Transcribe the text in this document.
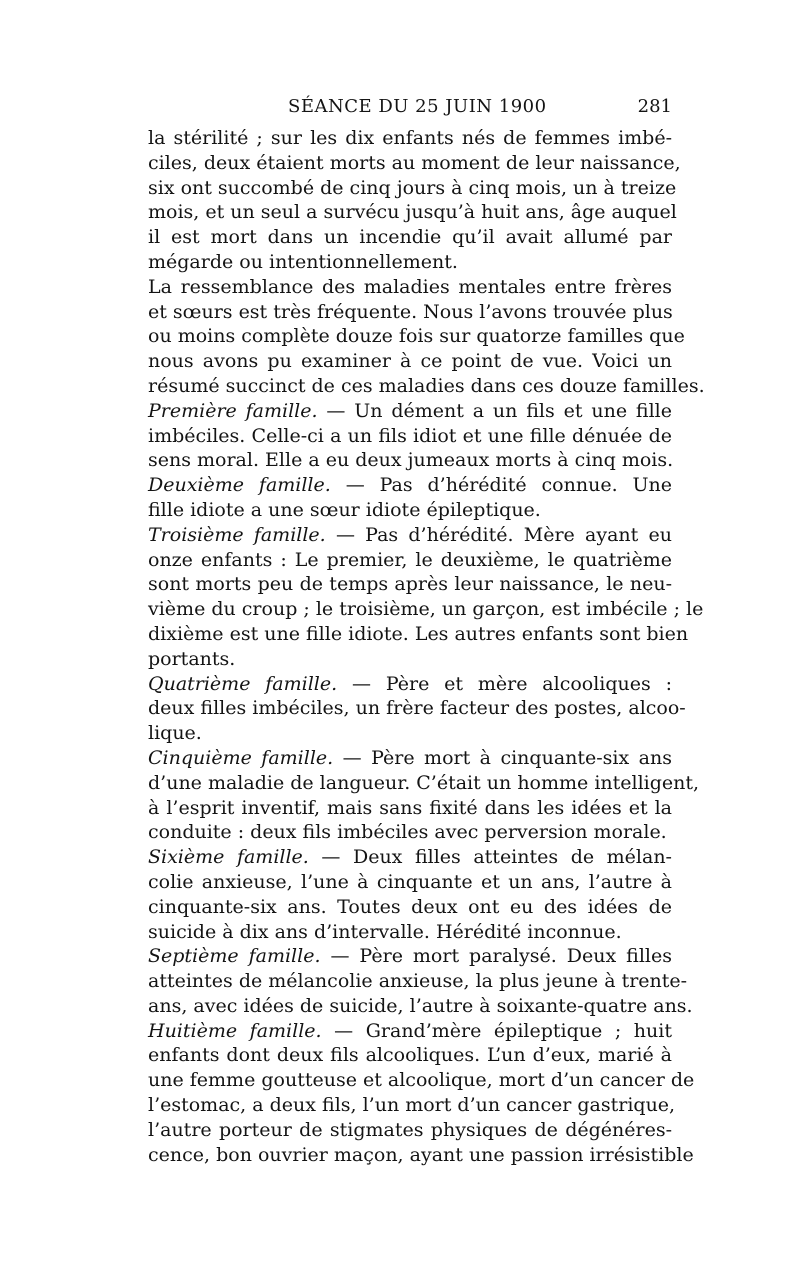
SÉANCE DU 25 JUIN 1900	281
la stérilité ; sur les dix enfants nés de femmes imbé-
ciles, deux étaient morts au moment de leur naissance,
six ont succombé de cinq jours à cinq mois, un à treize
mois, et un seul a survécu jusqu’à huit ans, âge auquel
il est mort dans un incendie qu’il avait allumé par
mégarde ou intentionnellement.
La ressemblance des maladies mentales entre frères
et sœurs est très fréquente. Nous l’avons trouvée plus
ou moins complète douze fois sur quatorze familles que
nous avons pu examiner à ce point de vue. Voici un
résumé succinct de ces maladies dans ces douze familles.
Première famille. — Un dément a un fils et une fille
imbéciles. Celle-ci a un fils idiot et une fille dénuée de
sens moral. Elle a eu deux jumeaux morts à cinq mois.
Deuxième famille. — Pas d’hérédité connue. Une
fille idiote a une sœur idiote épileptique.
Troisième famille. — Pas d’hérédité. Mère ayant eu
onze enfants : Le premier, le deuxième, le quatrième
sont morts peu de temps après leur naissance, le neu-
vième du croup ; le troisième, un garçon, est imbécile ; le
dixième est une fille idiote. Les autres enfants sont bien
portants.
Quatrième famille. — Père et mère alcooliques :
deux filles imbéciles, un frère facteur des postes, alcoo-
lique.
Cinquième famille. — Père mort à cinquante-six ans
d’une maladie de langueur. C’était un homme intelligent,
à l’esprit inventif, mais sans fixité dans les idées et la
conduite : deux fils imbéciles avec perversion morale.
Sixième famille. — Deux filles atteintes de mélan-
colie anxieuse, l’une à cinquante et un ans, l’autre à
cinquante-six ans. Toutes deux ont eu des idées de
suicide à dix ans d’intervalle. Hérédité inconnue.
Septième famille. — Père mort paralysé. Deux filles
atteintes de mélancolie anxieuse, la plus jeune à trente-
ans, avec idées de suicide, l’autre à soixante-quatre ans.
Huitième famille. — Grand’mère épileptique ; huit
enfants dont deux fils alcooliques. L’un d’eux, marié à
une femme goutteuse et alcoolique, mort d’un cancer de
l’estomac, a deux fils, l’un mort d’un cancer gastrique,
l’autre porteur de stigmates physiques de dégénéres-
cence, bon ouvrier maçon, ayant une passion irrésistible
